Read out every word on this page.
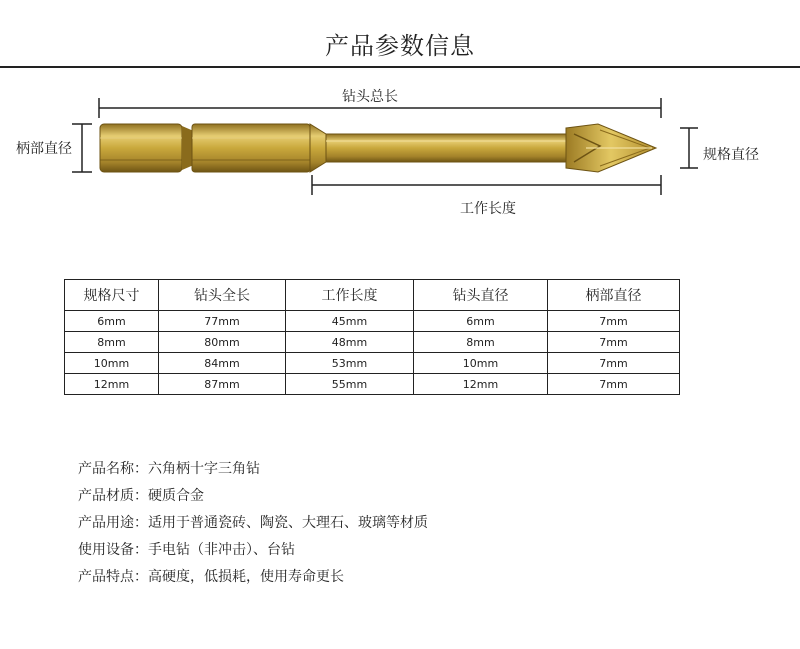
产品参数信息
钻头总长
柄部直径	规格直径
工作长度
规格尺寸	钻头全长	工作长度	钻头直径	柄部直径
6mm	77mm	45mm	6mm	7mm
8mm	80mm	48mm	8mm	7mm
10mm	84mm	53mm	10mm	7mm
12mm	87mm	55mm	12mm	7mm
产品名称：六角柄十字三角钻
产品材质：硬质合金
产品用途：适用于普通瓷砖、陶瓷、大理石、玻璃等材质
使用设备：手电钻（非冲击）、台钻
产品特点：高硬度，低损耗，使用寿命更长
